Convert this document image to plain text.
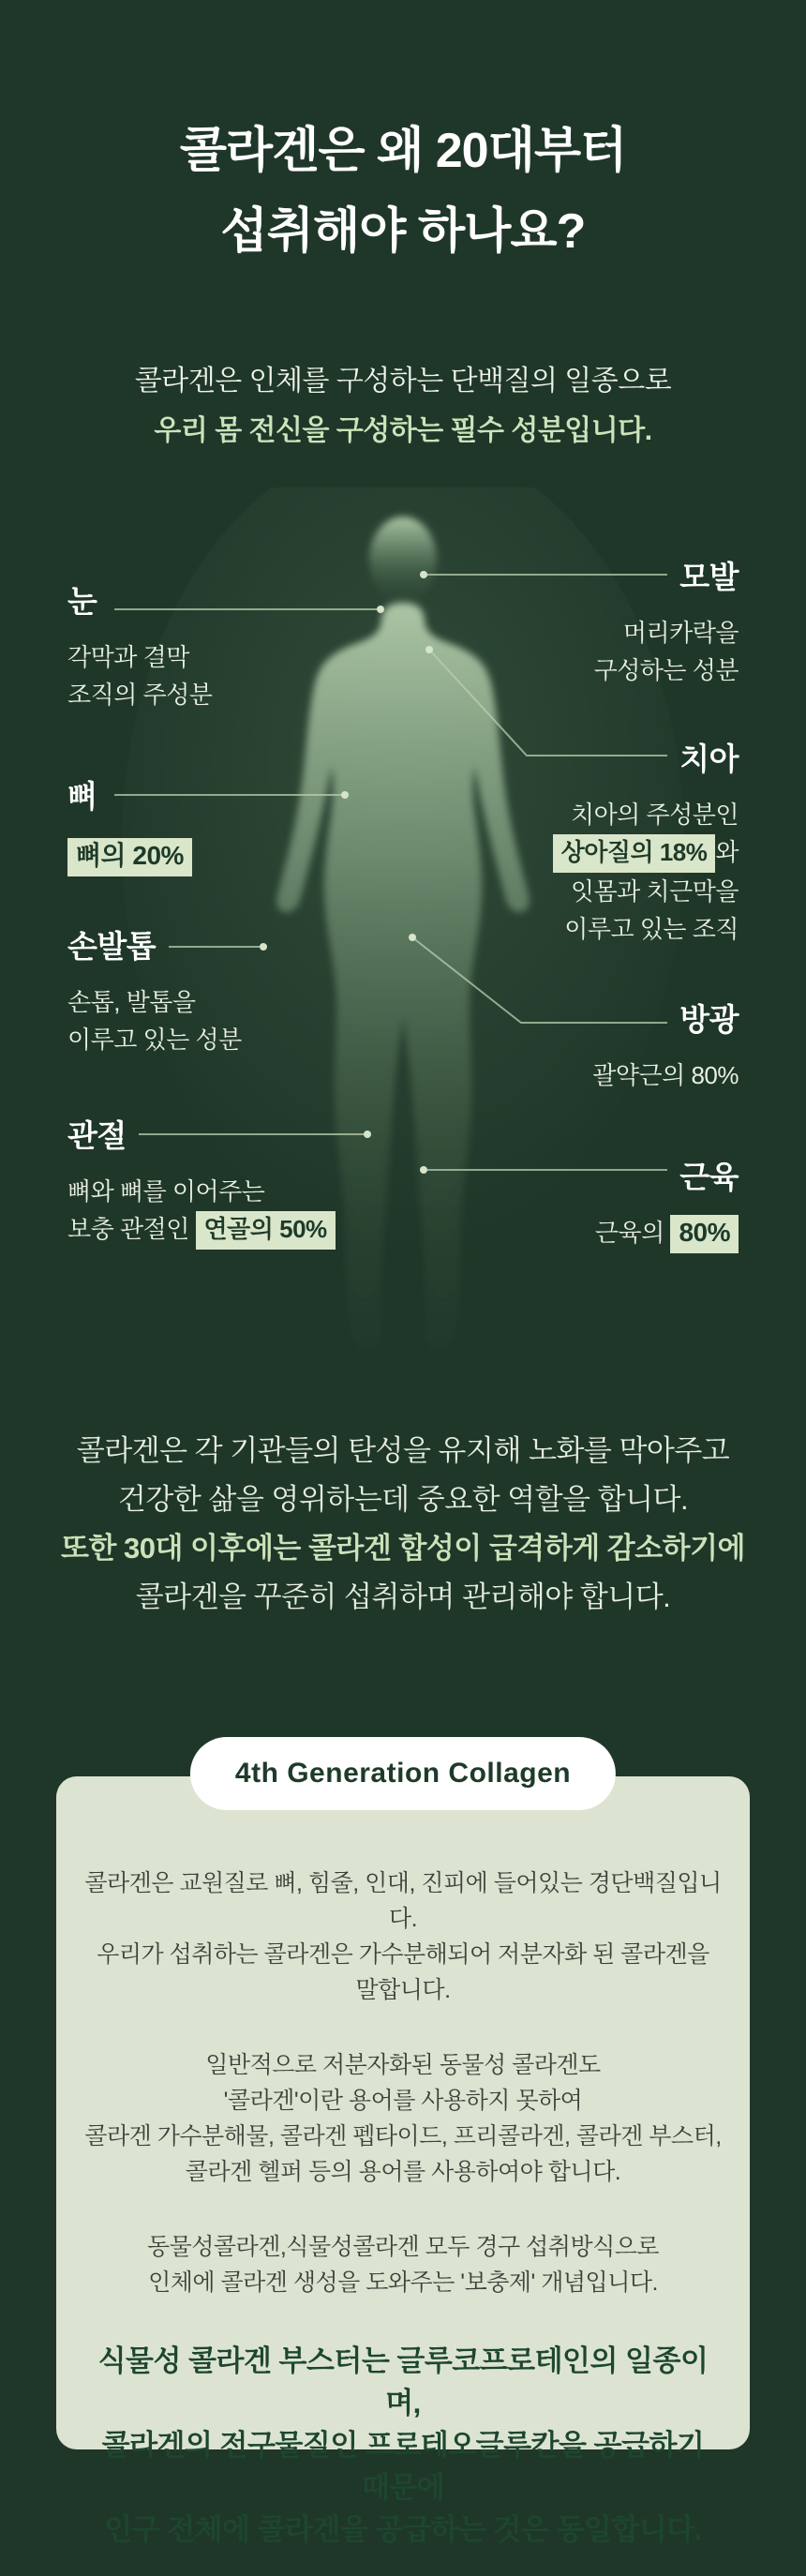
콜라겐은 왜 20대부터
섭취해야 하나요?
콜라겐은 인체를 구성하는 단백질의 일종으로
우리 몸 전신을 구성하는 필수 성분입니다.
눈
각막과 결막
조직의 주성분
뼈
뼈의 20%
손발톱
손톱, 발톱을
이루고 있는 성분
관절
뼈와 뼈를 이어주는
보충 관절인 연골의 50%
모발
머리카락을
구성하는 성분
치아
치아의 주성분인
상아질의 18% 와
잇몸과 치근막을
이루고 있는 조직
방광
괄약근의 80%
근육
근육의 80%
콜라겐은 각 기관들의 탄성을 유지해 노화를 막아주고
건강한 삶을 영위하는데 중요한 역할을 합니다.
또한 30대 이후에는 콜라겐 합성이 급격하게 감소하기에
콜라겐을 꾸준히 섭취하며 관리해야 합니다.
4th Generation Collagen

콜라겐은 교원질로 뼈, 힘줄, 인대, 진피에 들어있는 경단백질입니다.
우리가 섭취하는 콜라겐은 가수분해되어 저분자화 된 콜라겐을 말합니다.

일반적으로 저분자화된 동물성 콜라겐도
'콜라겐'이란 용어를 사용하지 못하여
콜라겐 가수분해물, 콜라겐 펩타이드, 프리콜라겐, 콜라겐 부스터,
콜라겐 헬퍼 등의 용어를 사용하여야 합니다.

동물성콜라겐,식물성콜라겐 모두 경구 섭취방식으로
인체에 콜라겐 생성을 도와주는 '보충제' 개념입니다.

식물성 콜라겐 부스터는 글루코프로테인의 일종이며,
콜라겐의 전구물질인 프로테오글루칸을 공급하기 때문에
인구 전체에 콜라겐을 공급하는 것은 동일합니다.
